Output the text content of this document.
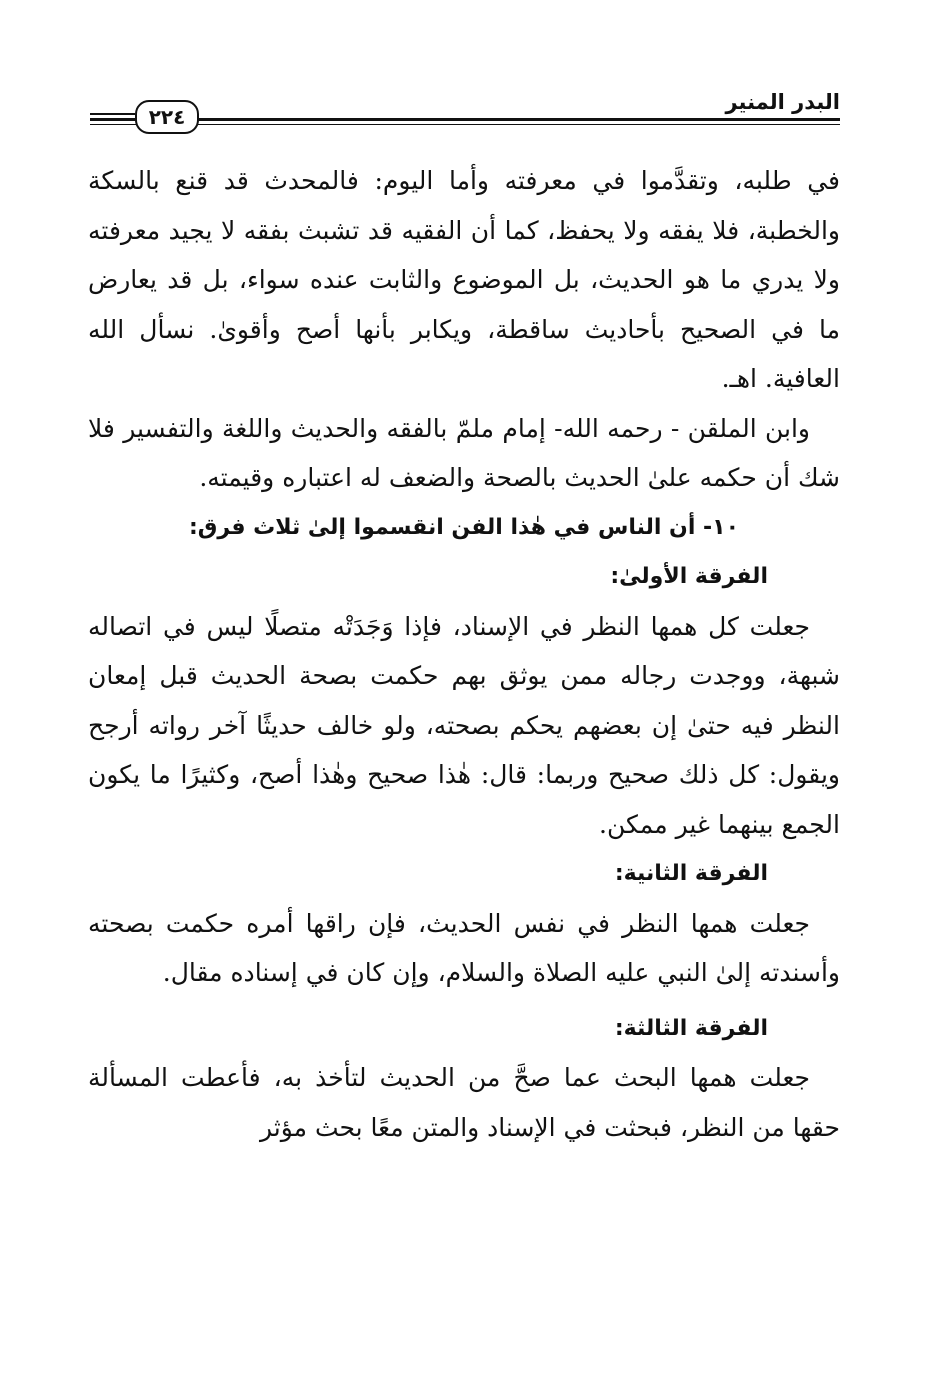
٢٢٤
البدر المنير

في طلبه، وتقدَّموا في معرفته وأما اليوم: فالمحدث قد قنع بالسكة والخطبة، فلا يفقه ولا يحفظ، كما أن الفقيه قد تشبث بفقه لا يجيد معرفته ولا يدري ما هو الحديث، بل الموضوع والثابت عنده سواء، بل قد يعارض ما في الصحيح بأحاديث ساقطة، ويكابر بأنها أصح وأقوىٰ. نسأل الله العافية. اهـ.

وابن الملقن - رحمه الله- إمام ملمّ بالفقه والحديث واللغة والتفسير فلا شك أن حكمه علىٰ الحديث بالصحة والضعف له اعتباره وقيمته.

١٠- أن الناس في هٰذا الفن انقسموا إلىٰ ثلاث فرق:
الفرقة الأولىٰ:

جعلت كل همها النظر في الإسناد، فإذا وَجَدَتْه متصلًا ليس في اتصاله شبهة، ووجدت رجاله ممن يوثق بهم حكمت بصحة الحديث قبل إمعان النظر فيه حتىٰ إن بعضهم يحكم بصحته، ولو خالف حديثًا آخر رواته أرجح ويقول: كل ذلك صحيح وربما: قال: هٰذا صحيح وهٰذا أصح، وكثيرًا ما يكون الجمع بينهما غير ممكن.

الفرقة الثانية:

جعلت همها النظر في نفس الحديث، فإن راقها أمره حكمت بصحته وأسندته إلىٰ النبي عليه الصلاة والسلام، وإن كان في إسناده مقال.

الفرقة الثالثة:

جعلت همها البحث عما صحَّ من الحديث لتأخذ به، فأعطت المسألة حقها من النظر، فبحثت في الإسناد والمتن معًا بحث مؤثر
